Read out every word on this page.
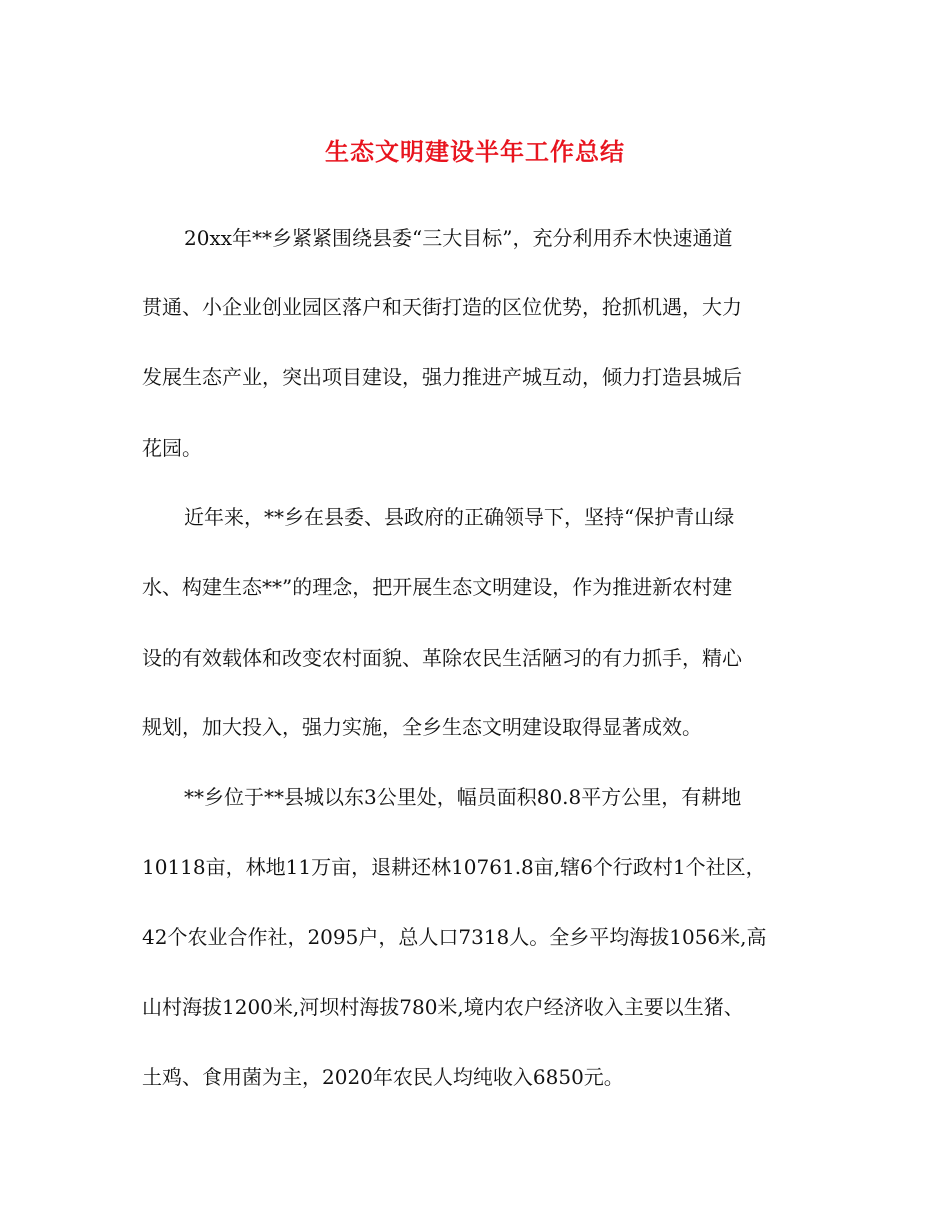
生态文明建设半年工作总结
20xx年**乡紧紧围绕县委“三大目标”，充分利用乔木快速通道
贯通、小企业创业园区落户和天街打造的区位优势，抢抓机遇，大力
发展生态产业，突出项目建设，强力推进产城互动，倾力打造县城后
花园。
近年来，**乡在县委、县政府的正确领导下，坚持“保护青山绿
水、构建生态**”的理念，把开展生态文明建设，作为推进新农村建
设的有效载体和改变农村面貌、革除农民生活陋习的有力抓手，精心
规划，加大投入，强力实施，全乡生态文明建设取得显著成效。
**乡位于**县城以东3公里处，幅员面积80.8平方公里，有耕地
10118亩，林地11万亩，退耕还林10761.8亩,辖6个行政村1个社区，
42个农业合作社，2095户，总人口7318人。全乡平均海拔1056米,高
山村海拔1200米,河坝村海拔780米,境内农户经济收入主要以生猪、
土鸡、食用菌为主，2020年农民人均纯收入6850元。
